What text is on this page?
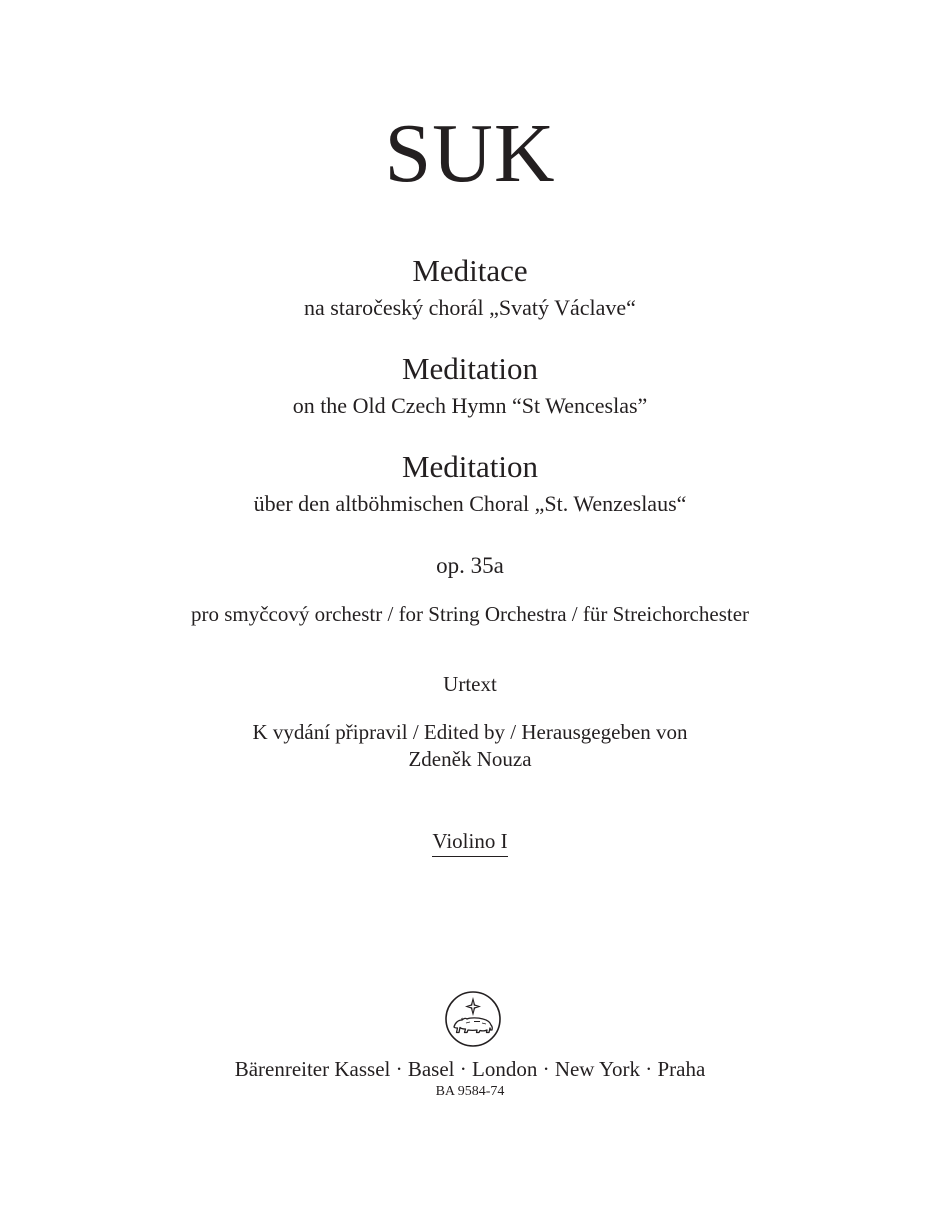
SUK
Meditace
na staročeský chorál „Svatý Václave“
Meditation
on the Old Czech Hymn “St Wenceslas”
Meditation
über den altböhmischen Choral „St. Wenzeslaus“
op. 35a
pro smyčcový orchestr / for String Orchestra / für Streichorchester
Urtext
K vydání připravil / Edited by / Herausgegeben von
Zdeněk Nouza
Violino I
Bärenreiter Kassel · Basel · London · New York · Praha
BA 9584-74
